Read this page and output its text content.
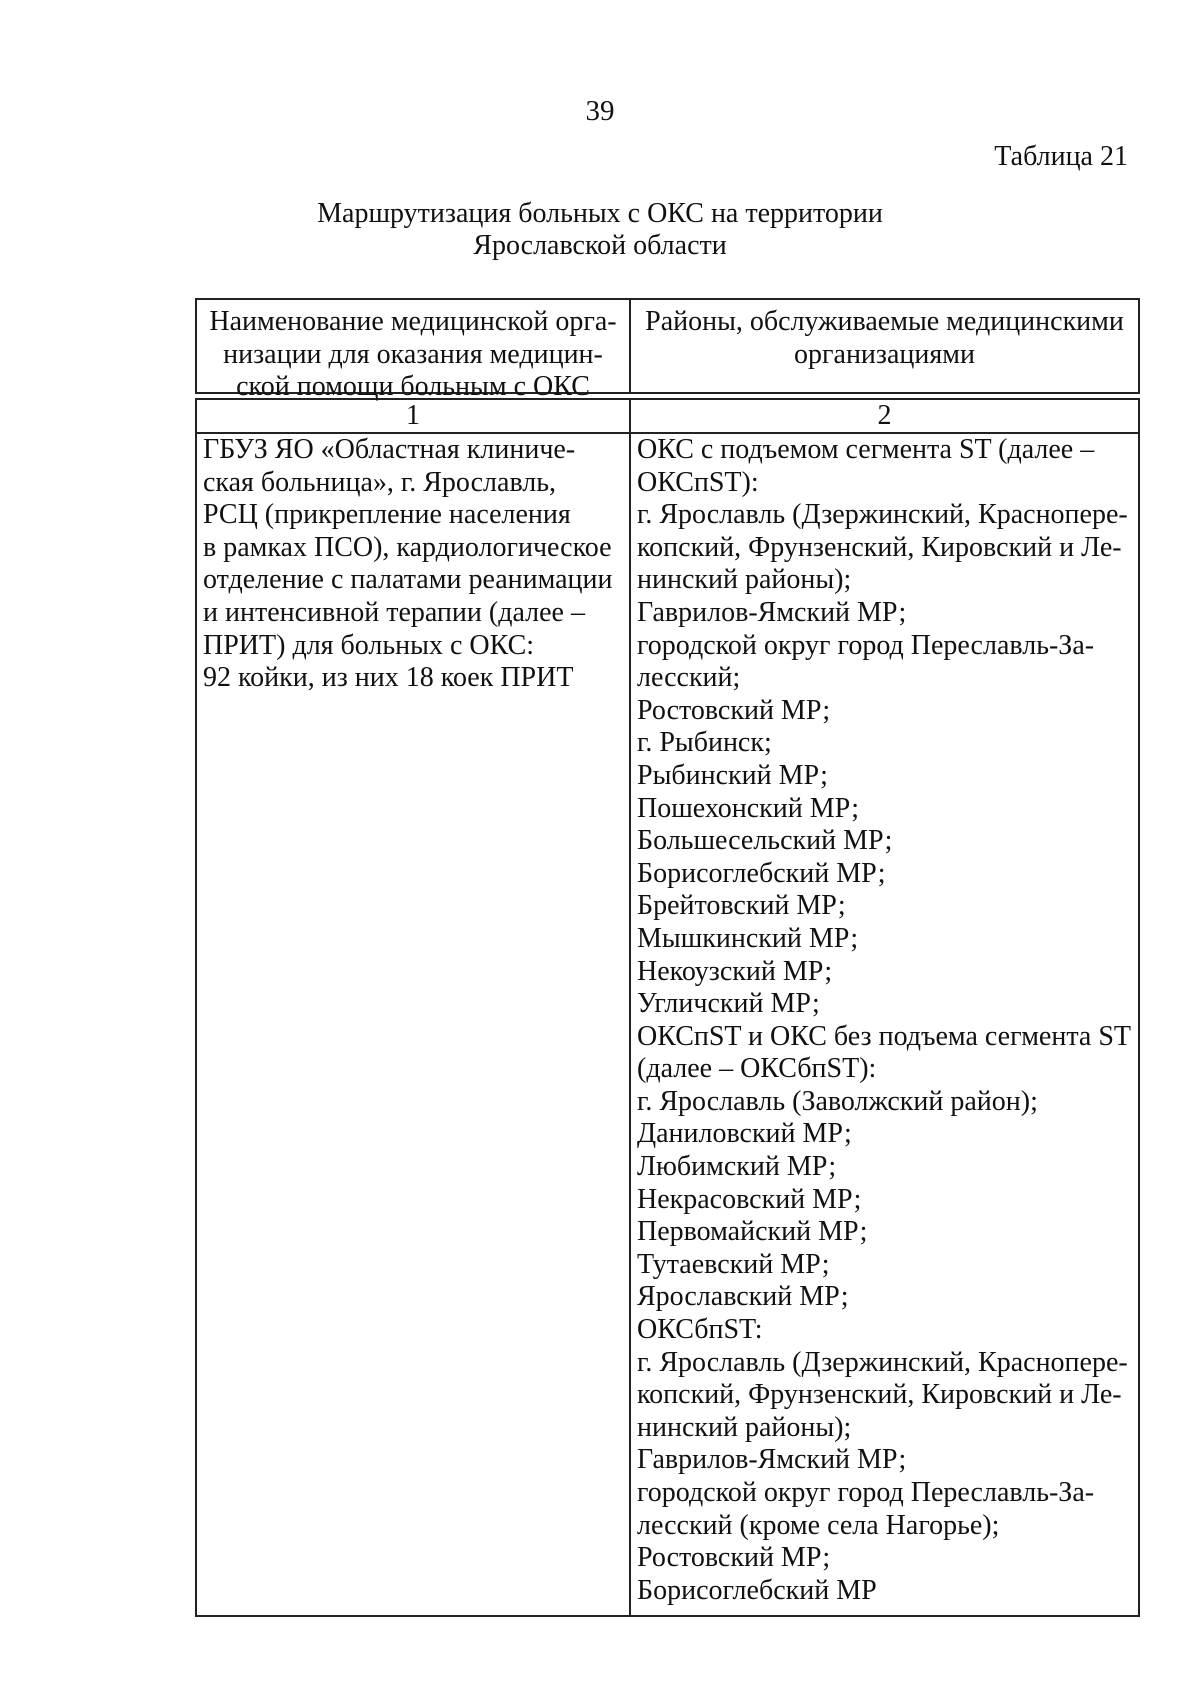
39
Таблица 21
Маршрутизация больных с ОКС на территории
Ярославской области
Наименование медицинской орга-
низации для оказания медицин-
ской помощи больным с ОКС
Районы, обслуживаемые медицинскими
организациями
1	2
ГБУЗ ЯО «Областная клиниче-
ская больница», г. Ярославль,
РСЦ (прикрепление населения
в рамках ПСО), кардиологическое
отделение с палатами реанимации
и интенсивной терапии (далее –
ПРИТ) для больных с ОКС:
92 койки, из них 18 коек ПРИТ
ОКС с подъемом сегмента ST (далее –
ОКСпST):
г. Ярославль (Дзержинский, Краснопере-
копский, Фрунзенский, Кировский и Ле-
нинский районы);
Гаврилов-Ямский МР;
городской округ город Переславль-За-
лесский;
Ростовский МР;
г. Рыбинск;
Рыбинский МР;
Пошехонский МР;
Большесельский МР;
Борисоглебский МР;
Брейтовский МР;
Мышкинский МР;
Некоузский МР;
Угличский МР;
ОКСпST и ОКС без подъема сегмента ST
(далее – ОКСбпST):
г. Ярославль (Заволжский район);
Даниловский МР;
Любимский МР;
Некрасовский МР;
Первомайский МР;
Тутаевский МР;
Ярославский МР;
ОКСбпST:
г. Ярославль (Дзержинский, Краснопере-
копский, Фрунзенский, Кировский и Ле-
нинский районы);
Гаврилов-Ямский МР;
городской округ город Переславль-За-
лесский (кроме села Нагорье);
Ростовский МР;
Борисоглебский МР
